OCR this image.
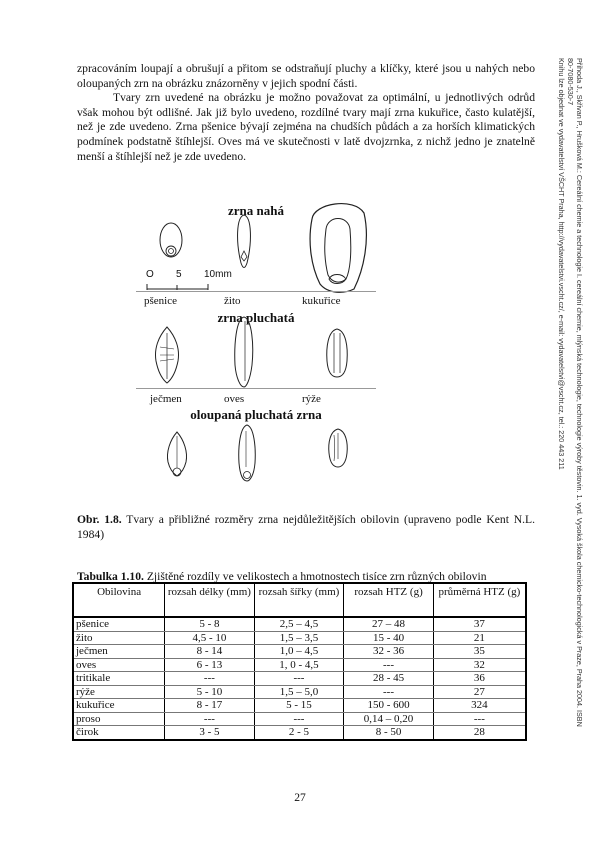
Příhoda J., Skřivan P., Hrušková M.: Cereální chemie a technologie I. cereální chemie, mlýnská technologie, technologie výroby těstovin. 1. vyd. Vysoká škola chemicko-technologická v Praze, Praha 2004. ISBN
80-7080-530-7
Knihu lze objednat ve vydavatelství VŠCHT Praha, http://vydavatelstvi.vscht.cz/, e-mail: vydavatelstvi@vscht.cz, tel.: 220 443 211

zpracováním loupají a obrušují a přitom se odstraňují pluchy a klíčky, které jsou u nahých nebo oloupaných zrn na obrázku znázorněny v jejich spodní části.

Tvary zrn uvedené na obrázku je možno považovat za optimální, u jednotlivých odrůd však mohou být odlišné. Jak již bylo uvedeno, rozdílné tvary mají zrna kukuřice, často kulatější, než je zde uvedeno. Zrna pšenice bývají zejména na chudších půdách a za horších klimatických podmínek podstatně štíhlejší. Oves má ve skutečnosti v latě dvojzrnka, z nichž jedno je znatelně menší a štíhlejší než je zde uvedeno.

zrna nahá
O 5 10mm
pšenice	žito	kukuřice
zrna pluchatá
ječmen	oves	rýže
oloupaná pluchatá zrna
Obr. 1.8. Tvary a přibližné rozměry zrna nejdůležitějších obilovin (upraveno podle Kent N.L. 1984)
Tabulka 1.10. Zjištěné rozdíly ve velikostech a hmotnostech tisíce zrn různých obilovin
Obilovina	rozsah délky (mm)	rozsah šířky (mm)	rozsah HTZ (g)	průměrná HTZ (g)
pšenice	5 - 8	2,5 – 4,5	27 – 48	37
žito	4,5 - 10	1,5 – 3,5	15 - 40	21
ječmen	8 - 14	1,0 – 4,5	32 - 36	35
oves	6 - 13	1, 0 - 4,5	---	32
tritikale	---	---	28 - 45	36
rýže	5 - 10	1,5 – 5,0	---	27
kukuřice	8 - 17	5 - 15	150 - 600	324
proso	---	---	0,14 – 0,20	---
čirok	3 - 5	2 - 5	8 - 50	28
27
